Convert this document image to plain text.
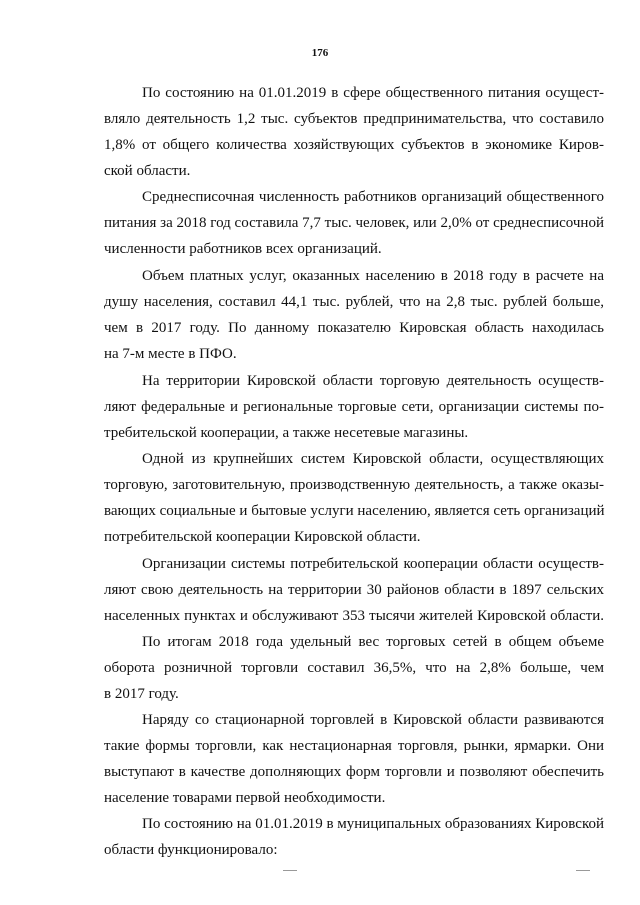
176
По состоянию на 01.01.2019 в сфере общественного питания осущест-
вляло деятельность 1,2 тыс. субъектов предпринимательства, что составило
1,8% от общего количества хозяйствующих субъектов в экономике Киров-
ской области.
Среднесписочная численность работников организаций общественного
питания за 2018 год составила 7,7 тыс. человек, или 2,0% от среднесписочной
численности работников всех организаций.
Объем платных услуг, оказанных населению в 2018 году в расчете на
душу населения, составил 44,1 тыс. рублей, что на 2,8 тыс. рублей больше,
чем в 2017 году. По данному показателю Кировская область находилась
на 7-м месте в ПФО.
На территории Кировской области торговую деятельность осуществ-
ляют федеральные и региональные торговые сети, организации системы по-
требительской кооперации, а также несетевые магазины.
Одной из крупнейших систем Кировской области, осуществляющих
торговую, заготовительную, производственную деятельность, а также оказы-
вающих социальные и бытовые услуги населению, является сеть организаций
потребительской кооперации Кировской области.
Организации системы потребительской кооперации области осуществ-
ляют свою деятельность на территории 30 районов области в 1897 сельских
населенных пунктах и обслуживают 353 тысячи жителей Кировской области.
По итогам 2018 года удельный вес торговых сетей в общем объеме
оборота розничной торговли составил 36,5%, что на 2,8% больше, чем
в 2017 году.
Наряду со стационарной торговлей в Кировской области развиваются
такие формы торговли, как нестационарная торговля, рынки, ярмарки. Они
выступают в качестве дополняющих форм торговли и позволяют обеспечить
население товарами первой необходимости.
По состоянию на 01.01.2019 в муниципальных образованиях Кировской
области функционировало:
